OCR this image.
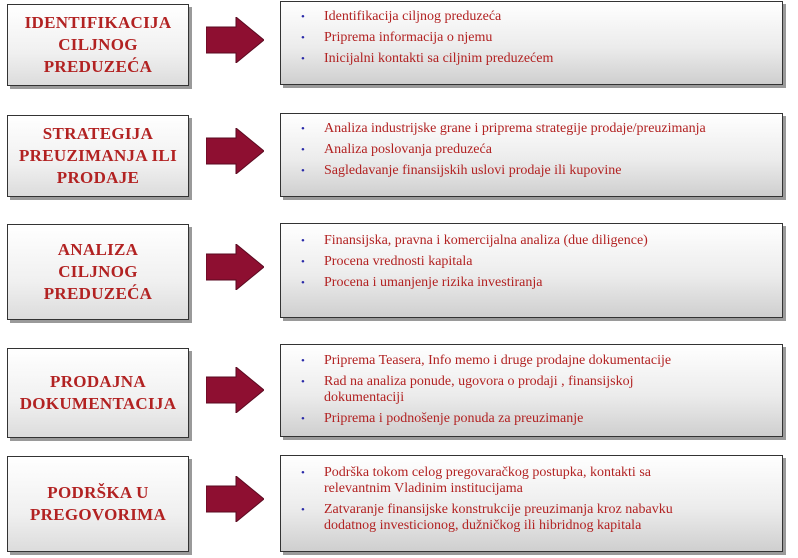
IDENTIFIKACIJA
CILJNOG
PREDUZEĆA
• Identifikacija ciljnog preduzeća
• Priprema informacija o njemu
• Inicijalni kontakti sa ciljnim preduzećem
STRATEGIJA
PREUZIMANJA ILI
PRODAJE
• Analiza industrijske grane i priprema strategije prodaje/preuzimanja
• Analiza poslovanja preduzeća
• Sagledavanje finansijskih uslovi prodaje ili kupovine
ANALIZA
CILJNOG
PREDUZEĆA
• Finansijska, pravna i komercijalna analiza (due diligence)
• Procena vrednosti kapitala
• Procena i umanjenje rizika investiranja
PRODAJNA
DOKUMENTACIJA
• Priprema Teasera, Info memo i druge prodajne dokumentacije
• Rad na analiza ponude, ugovora o prodaji , finansijskoj dokumentaciji
• Priprema i podnošenje ponuda za preuzimanje
PODRŠKA U
PREGOVORIMA
• Podrška tokom celog pregovaračkog postupka, kontakti sa relevantnim Vladinim institucijama
• Zatvaranje finansijske konstrukcije preuzimanja kroz nabavku dodatnog investicionog, dužničkog ili hibridnog kapitala
